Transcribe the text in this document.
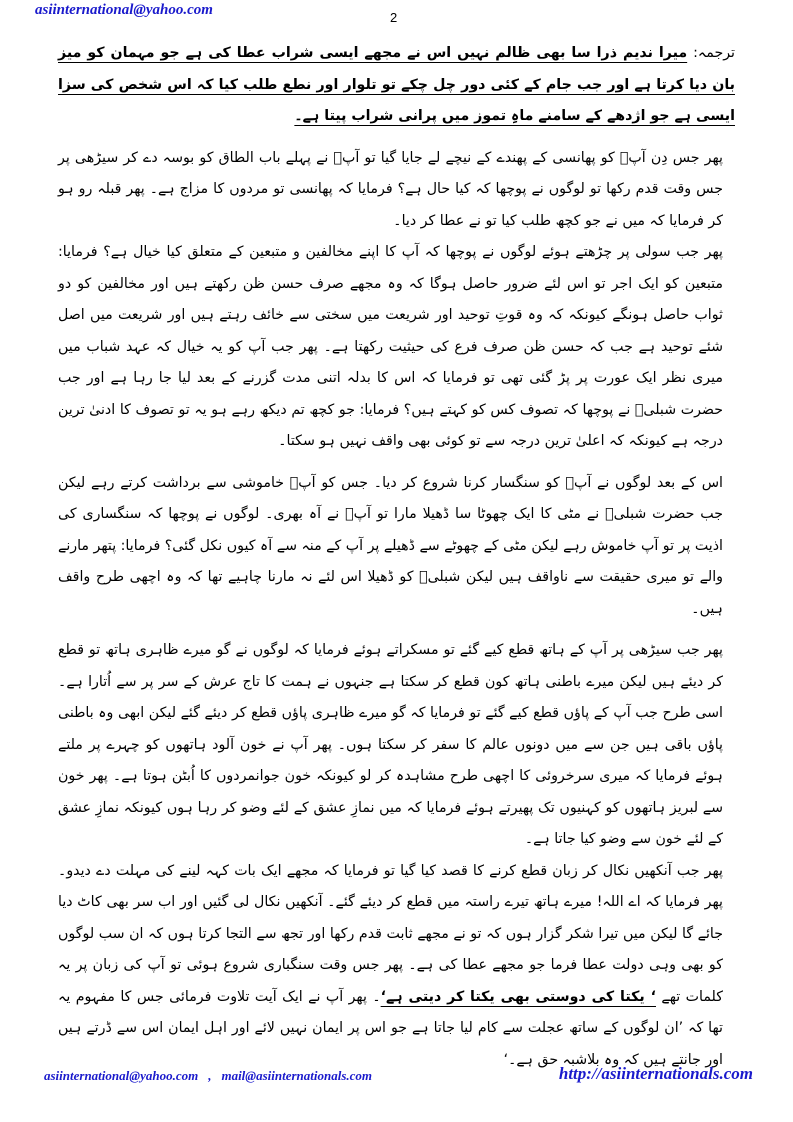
asiinternational@yahoo.com	2

ترجمہ: میرا ندیم ذرا سا بھی ظالم نہیں اس نے مجھے ایسی شراب عطا کی ہے جو مہمان کو میز بان دیا کرتا ہے اور جب جام کے کئی دور چل چکے تو تلوار اور نطع طلب کیا کہ اس شخص کی سزا ایسی ہے جو اژدھے کے سامنے ماہِ تموز میں پرانی شراب پیتا ہے۔

پھر جس دِن آپؒ کو پھانسی کے پھندے کے نیچے لے جایا گیا تو آپؒ نے پہلے باب الطاق کو بوسہ دے کر سیڑھی پر جس وقت قدم رکھا تو لوگوں نے پوچھا کہ کیا حال ہے؟ فرمایا کہ پھانسی تو مردوں کا مزاج ہے۔ پھر قبلہ رو ہو کر فرمایا کہ میں نے جو کچھ طلب کیا تو نے عطا کر دیا۔

پھر جب سولی پر چڑھتے ہوئے لوگوں نے پوچھا کہ آپ کا اپنے مخالفین و متبعین کے متعلق کیا خیال ہے؟ فرمایا: متبعین کو ایک اجر تو اس لئے ضرور حاصل ہوگا کہ وہ مجھے صرف حسن ظن رکھتے ہیں اور مخالفین کو دو ثواب حاصل ہونگے کیونکہ کہ وہ قوتِ توحید اور شریعت میں سختی سے خائف رہتے ہیں اور شریعت میں اصل شئے توحید ہے جب کہ حسن ظن صرف فرع کی حیثیت رکھتا ہے۔ پھر جب آپ کو یہ خیال کہ عہد شباب میں میری نظر ایک عورت پر پڑ گئی تھی تو فرمایا کہ اس کا بدلہ اتنی مدت گزرنے کے بعد لیا جا رہا ہے اور جب حضرت شبلیؒ نے پوچھا کہ تصوف کس کو کہتے ہیں؟ فرمایا: جو کچھ تم دیکھ رہے ہو یہ تو تصوف کا ادنیٰ ترین درجہ ہے کیونکہ کہ اعلیٰ ترین درجہ سے تو کوئی بھی واقف نہیں ہو سکتا۔

اس کے بعد لوگوں نے آپؒ کو سنگسار کرنا شروع کر دیا۔ جس کو آپؒ خاموشی سے برداشت کرتے رہے لیکن جب حضرت شبلیؒ نے مٹی کا ایک چھوٹا سا ڈھیلا مارا تو آپؒ نے آہ بھری۔ لوگوں نے پوچھا کہ سنگساری کی اذیت پر تو آپ خاموش رہے لیکن مٹی کے چھوٹے سے ڈھیلے پر آپ کے منہ سے آہ کیوں نکل گئی؟ فرمایا: پتھر مارنے والے تو میری حقیقت سے ناواقف ہیں لیکن شبلیؒ کو ڈھیلا اس لئے نہ مارنا چاہیے تھا کہ وہ اچھی طرح واقف ہیں۔

پھر جب سیڑھی پر آپ کے ہاتھ قطع کیے گئے تو مسکراتے ہوئے فرمایا کہ لوگوں نے گو میرے ظاہری ہاتھ تو قطع کر دیئے ہیں لیکن میرے باطنی ہاتھ کون قطع کر سکتا ہے جنہوں نے ہمت کا تاج عرش کے سر پر سے اُتارا ہے۔ اسی طرح جب آپ کے پاؤں قطع کیے گئے تو فرمایا کہ گو میرے ظاہری پاؤں قطع کر دیئے گئے لیکن ابھی وہ باطنی پاؤں باقی ہیں جن سے میں دونوں عالم کا سفر کر سکتا ہوں۔ پھر آپ نے خون آلود ہاتھوں کو چہرے پر ملتے ہوئے فرمایا کہ میری سرخروئی کا اچھی طرح مشاہدہ کر لو کیونکہ خون جوانمردوں کا اُبٹن ہوتا ہے۔ پھر خون سے لبریز ہاتھوں کو کہنیوں تک پھیرتے ہوئے فرمایا کہ میں نمازِ عشق کے لئے وضو کر رہا ہوں کیونکہ نمازِ عشق کے لئے خون سے وضو کیا جاتا ہے۔

پھر جب آنکھیں نکال کر زبان قطع کرنے کا قصد کیا گیا تو فرمایا کہ مجھے ایک بات کہہ لینے کی مہلت دے دیدو۔ پھر فرمایا کہ اے اللہ! میرے ہاتھ تیرے راستہ میں قطع کر دیئے گئے۔ آنکھیں نکال لی گئیں اور اب سر بھی کاٹ دیا جائے گا لیکن میں تیرا شکر گزار ہوں کہ تو نے مجھے ثابت قدم رکھا اور تجھ سے التجا کرتا ہوں کہ ان سب لوگوں کو بھی وہی دولت عطا فرما جو مجھے عطا کی ہے۔ پھر جس وقت سنگباری شروع ہوئی تو آپ کی زبان پر یہ کلمات تھے ‘ یکتا کی دوستی بھی یکتا کر دیتی ہے‘۔ پھر آپ نے ایک آیت تلاوت فرمائی جس کا مفہوم یہ تھا کہ ’ان لوگوں کے ساتھ عجلت سے کام لیا جاتا ہے جو اس پر ایمان نہیں لائے اور اہل ایمان اس سے ڈرتے ہیں اور جانتے ہیں کہ وہ بلاشبہ حق ہے۔‘

asiinternational@yahoo.com , mail@asiinternationals.com	http://asiinternationals.com
